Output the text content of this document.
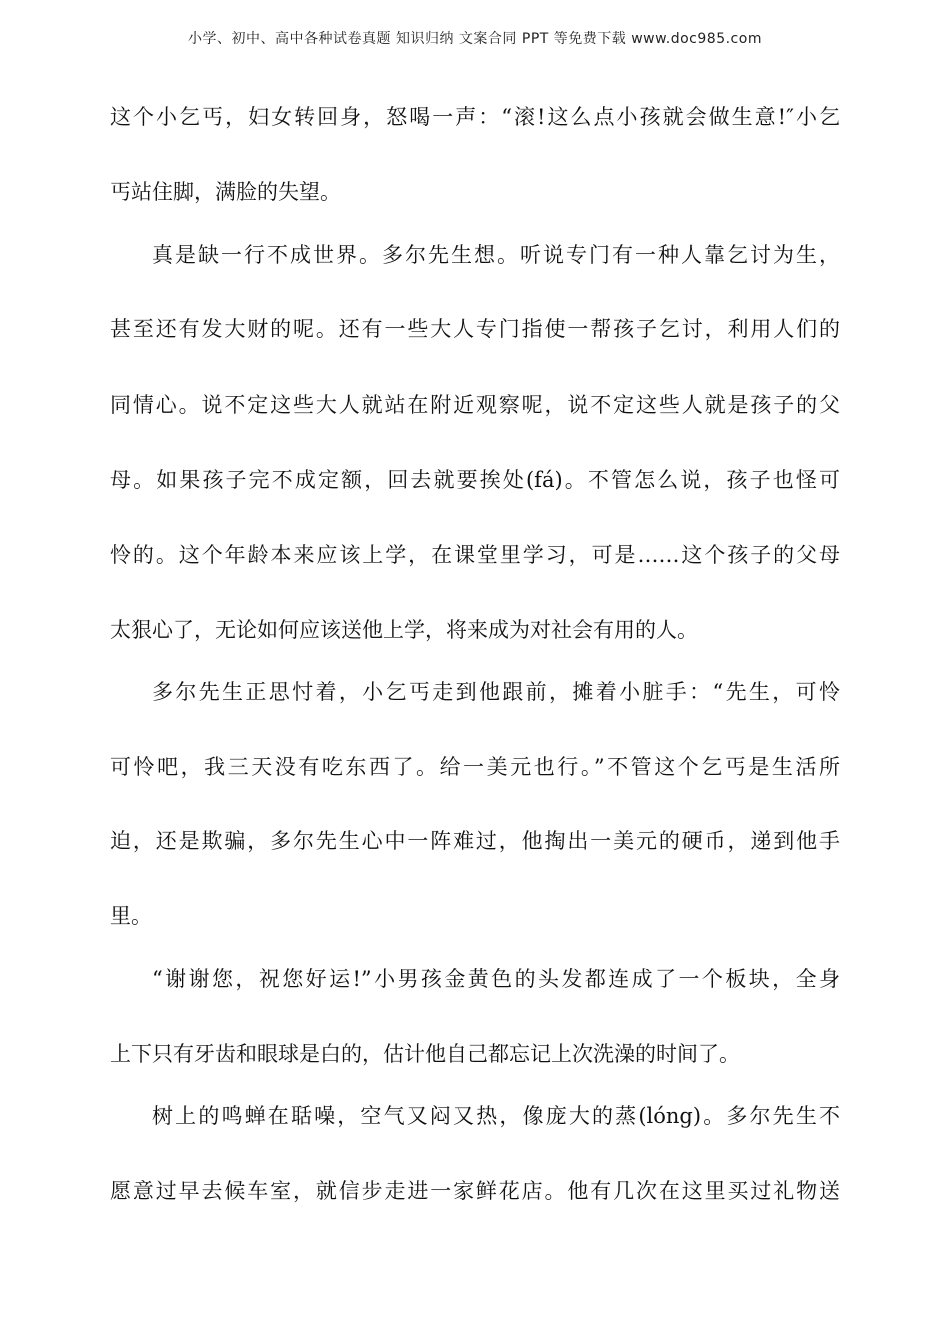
小学、初中、高中各种试卷真题 知识归纳 文案合同 PPT 等免费下载 www.doc985.com
这个小乞丐，妇女转回身，怒喝一声：“滚!这么点小孩就会做生意!″小乞
丐站住脚，满脸的失望。
真是缺一行不成世界。多尔先生想。听说专门有一种人靠乞讨为生，
甚至还有发大财的呢。还有一些大人专门指使一帮孩子乞讨，利用人们的
同情心。说不定这些大人就站在附近观察呢，说不定这些人就是孩子的父
母。如果孩子完不成定额，回去就要挨处(fá)。不管怎么说，孩子也怪可
怜的。这个年龄本来应该上学，在课堂里学习，可是……这个孩子的父母
太狠心了，无论如何应该送他上学，将来成为对社会有用的人。
多尔先生正思忖着，小乞丐走到他跟前，摊着小脏手：“先生，可怜
可怜吧，我三天没有吃东西了。给一美元也行。”不管这个乞丐是生活所
迫，还是欺骗，多尔先生心中一阵难过，他掏出一美元的硬币，递到他手
里。
“谢谢您，祝您好运!”小男孩金黄色的头发都连成了一个板块，全身
上下只有牙齿和眼球是白的，估计他自己都忘记上次洗澡的时间了。
树上的鸣蝉在聒噪，空气又闷又热，像庞大的蒸(lóng)。多尔先生不
愿意过早去候车室，就信步走进一家鲜花店。他有几次在这里买过礼物送
